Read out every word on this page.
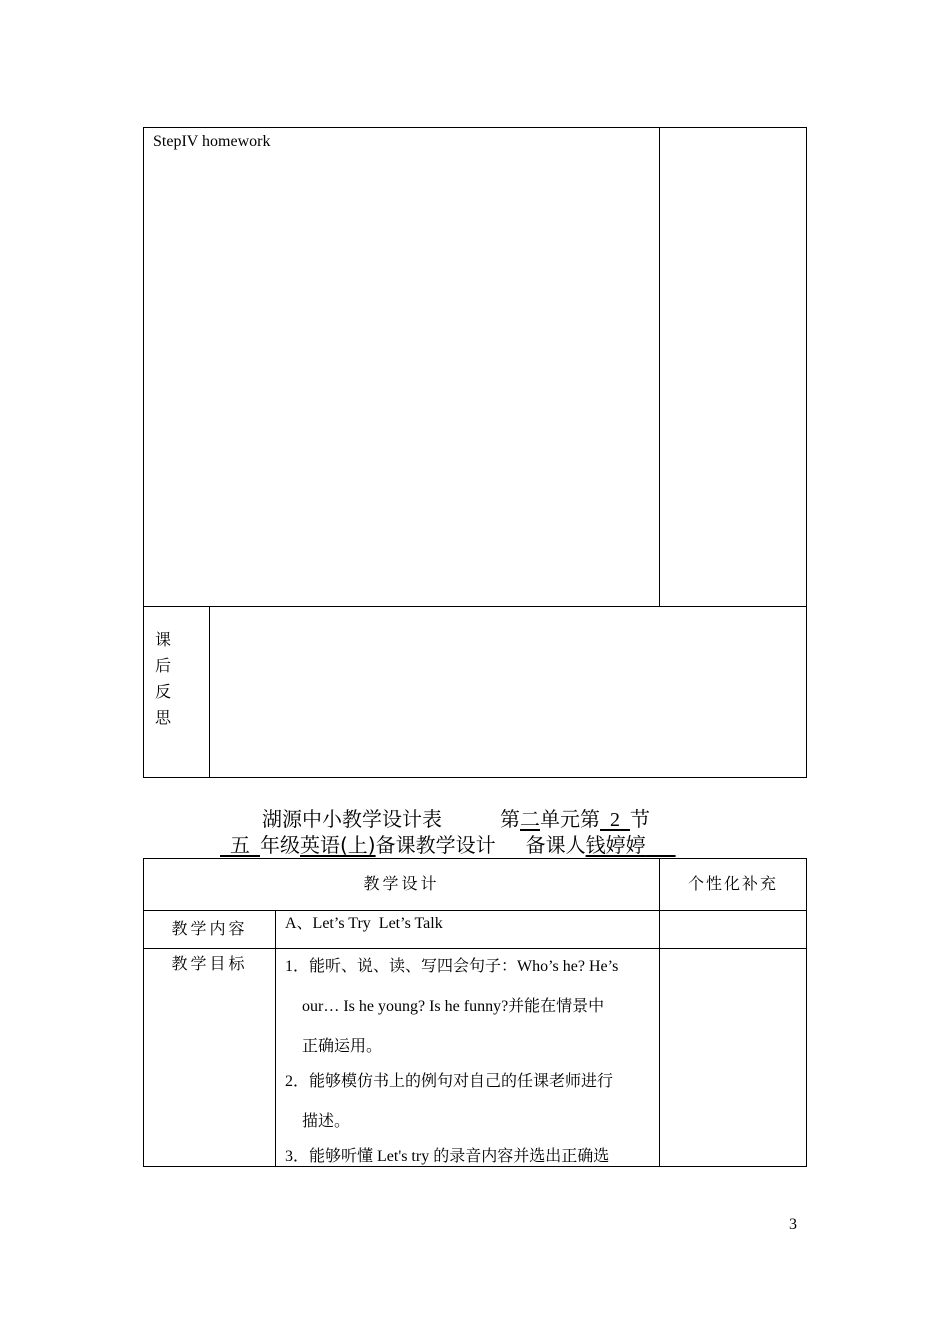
StepIV homework
课
后
反
思
湖源中小教学设计表	第二单元第  2  节
五  年级英语(上)备课教学设计 备课人钱婷婷
教学设计	个性化补充
教学内容	A、Let’s Try  Let’s Talk
教学目标	1．能听、说、读、写四会句子：Who’s he? He’s
our… Is he young? Is he funny?并能在情景中
正确运用。
2．能够模仿书上的例句对自己的任课老师进行
描述。
3．能够听懂 Let's try 的录音内容并选出正确选
3
